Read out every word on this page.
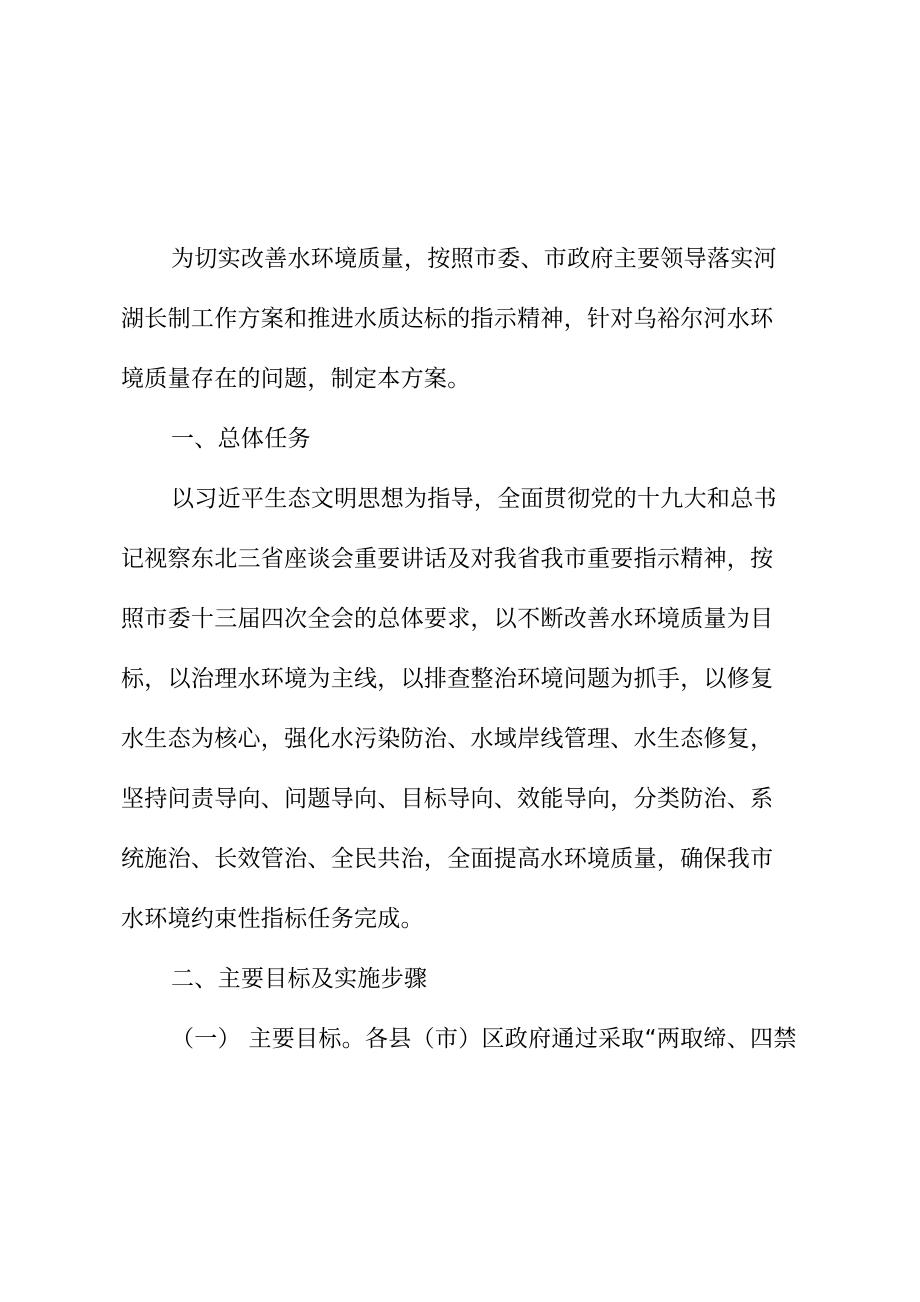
为切实改善水环境质量，按照市委、市政府主要领导落实河
湖长制工作方案和推进水质达标的指示精神，针对乌裕尔河水环
境质量存在的问题，制定本方案。
一、总体任务
以习近平生态文明思想为指导，全面贯彻党的十九大和总书
记视察东北三省座谈会重要讲话及对我省我市重要指示精神，按
照市委十三届四次全会的总体要求，以不断改善水环境质量为目
标，以治理水环境为主线，以排查整治环境问题为抓手，以修复
水生态为核心，强化水污染防治、水域岸线管理、水生态修复，
坚持问责导向、问题导向、目标导向、效能导向，分类防治、系
统施治、长效管治、全民共治，全面提高水环境质量，确保我市
水环境约束性指标任务完成。
二、主要目标及实施步骤
（一） 主要目标。各县（市）区政府通过采取“两取缔、四禁
